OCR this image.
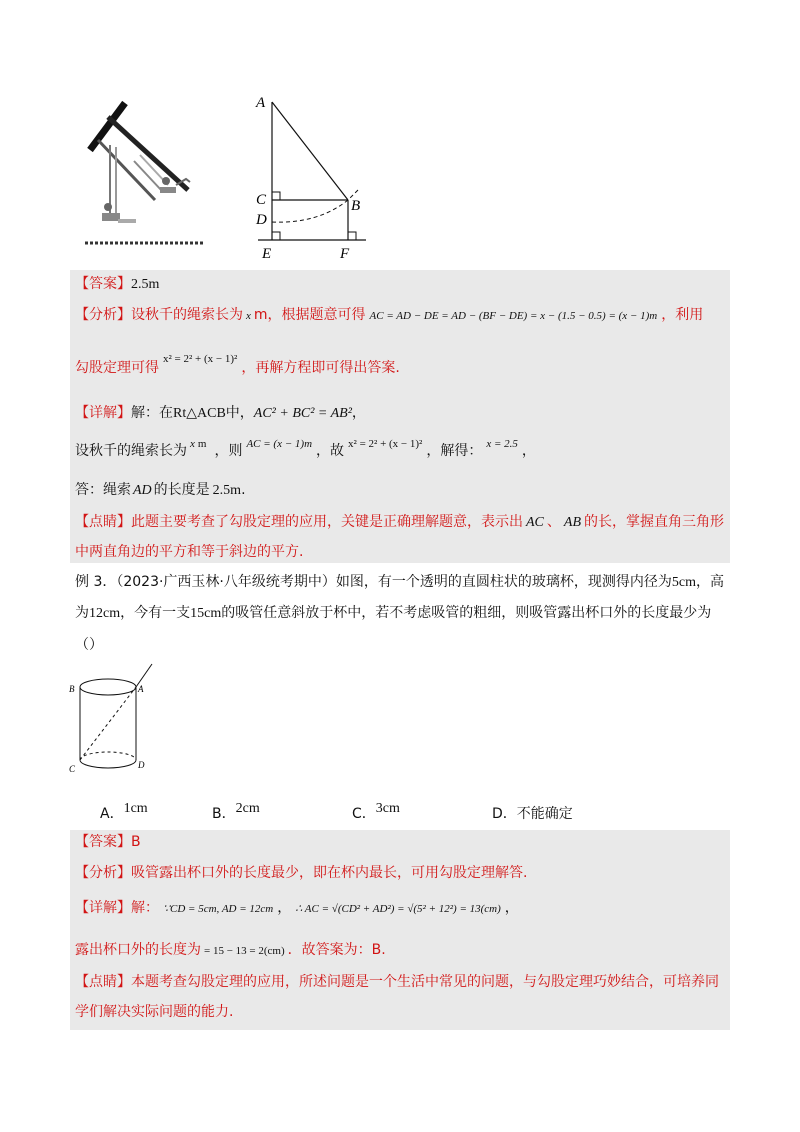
A
C
D
B
E	F
【答案】2.5m
【分析】设秋千的绳索长为 x m，根据题意可得 AC = AD − DE = AD − (BF − DE) = x − (1.5 − 0.5) = (x − 1)m ，利用
勾股定理可得$^{x^2 = 2^2 + (x - 1)^2}$，再解方程即可得出答案.
【详解】解：在Rt△ACB中，AC² + BC² = AB²，
设秋千的绳索长为 $^x$ $^m$ ，则 $^{AC = (x - 1)m}$ ，故 $^{x^2 = 2^2 + (x - 1)^2}$ ，解得： $^{x = 2.5}$ ，
答：绳索 AD 的长度是 2.5m.
【点睛】此题主要考查了勾股定理的应用，关键是正确理解题意，表示出 AC 、 AB 的长，掌握直角三角形
中两直角边的平方和等于斜边的平方.
例 3．（2023·广西玉林·八年级统考期中）如图，有一个透明的直圆柱状的玻璃杯，现测得内径为5cm，高
为12cm，今有一支15cm的吸管任意斜放于杯中，若不考虑吸管的粗细，则吸管露出杯口外的长度最少为
（）
B	A
C	D
A．1cm	B．2cm	C．3cm	D．不能确定
【答案】B
【分析】吸管露出杯口外的长度最少，即在杯内最长，可用勾股定理解答.
【详解】解： ∵CD = 5cm, AD = 12cm ， ∴ AC = √(CD² + AD²) = √(5² + 12²) = 13(cm) ，
露出杯口外的长度为 = 15 − 13 = 2(cm) ．故答案为：B.
【点睛】本题考查勾股定理的应用，所述问题是一个生活中常见的问题，与勾股定理巧妙结合，可培养同
学们解决实际问题的能力.
